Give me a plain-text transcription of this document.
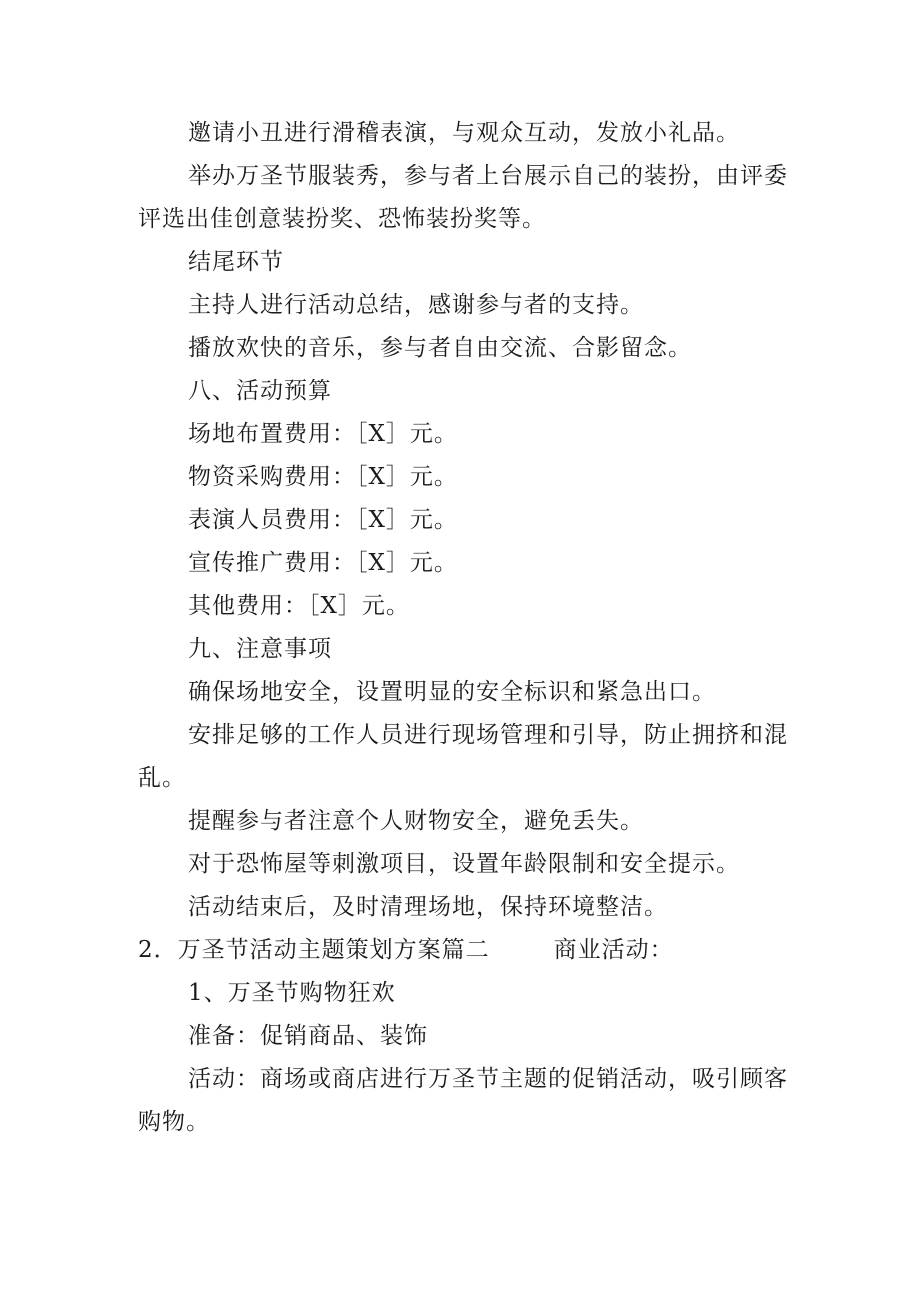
邀请小丑进行滑稽表演，与观众互动，发放小礼品。
举办万圣节服装秀，参与者上台展示自己的装扮，由评委
评选出佳创意装扮奖、恐怖装扮奖等。
结尾环节
主持人进行活动总结，感谢参与者的支持。
播放欢快的音乐，参与者自由交流、合影留念。
八、活动预算
场地布置费用：［X］元。
物资采购费用：［X］元。
表演人员费用：［X］元。
宣传推广费用：［X］元。
其他费用：［X］元。
九、注意事项
确保场地安全，设置明显的安全标识和紧急出口。
安排足够的工作人员进行现场管理和引导，防止拥挤和混
乱。
提醒参与者注意个人财物安全，避免丢失。
对于恐怖屋等刺激项目，设置年龄限制和安全提示。
活动结束后，及时清理场地，保持环境整洁。
2．万圣节活动主题策划方案篇二	商业活动：
1、万圣节购物狂欢
准备：促销商品、装饰
活动：商场或商店进行万圣节主题的促销活动，吸引顾客
购物。
